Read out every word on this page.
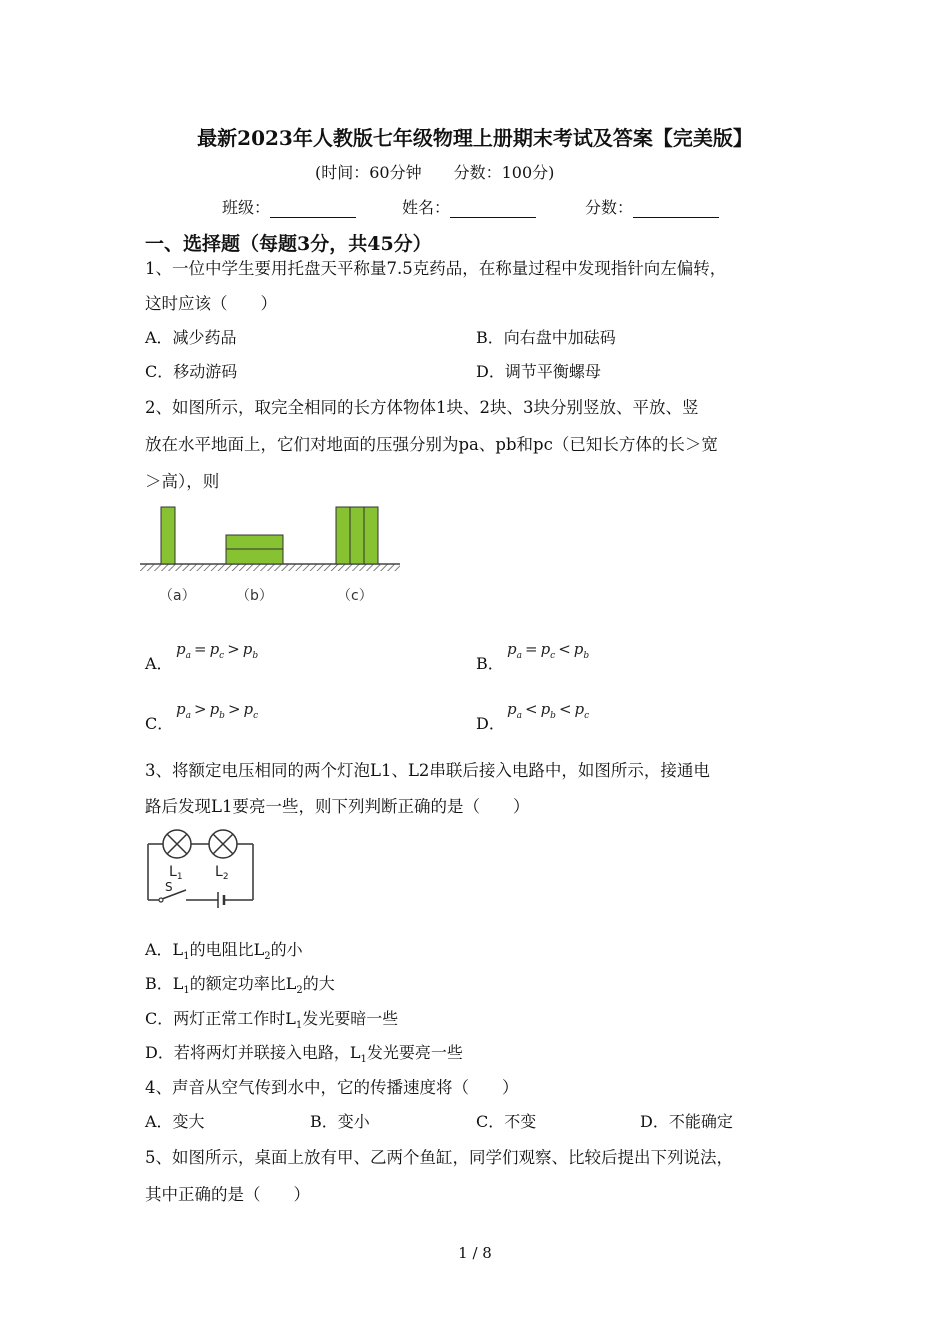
最新2023年人教版七年级物理上册期末考试及答案【完美版】
(时间：60分钟　　分数：100分)
班级：	姓名：	分数：
一、选择题（每题3分，共45分）
1、一位中学生要用托盘天平称量7.5克药品，在称量过程中发现指针向左偏转，
这时应该（　　）
A．减少药品	B．向右盘中加砝码
C．移动游码	D．调节平衡螺母
2、如图所示，取完全相同的长方体物体1块、2块、3块分别竖放、平放、竖
放在水平地面上，它们对地面的压强分别为pa、pb和pc（已知长方体的长＞宽
＞高），则
（a）	（b）	（c）
A．
$p_a = p_c > p_b$	B．
$p_a = p_c < p_b$
C．
$p_a > p_b > p_c$	D．
$p_a < p_b < p_c$
3、将额定电压相同的两个灯泡L1、L2串联后接入电路中，如图所示，接通电
路后发现L1要亮一些，则下列判断正确的是（　　）
$L_1$ $L_2$
S
A．$L_1$的电阻比$L_2$的小
B．$L_1$的额定功率比$L_2$的大
C．两灯正常工作时$L_1$发光要暗一些
D．若将两灯并联接入电路，$L_1$发光要亮一些
4、声音从空气传到水中，它的传播速度将（　　）
A．变大	B．变小	C．不变	D．不能确定
5、如图所示，桌面上放有甲、乙两个鱼缸，同学们观察、比较后提出下列说法，
其中正确的是（　　）
1 / 8
